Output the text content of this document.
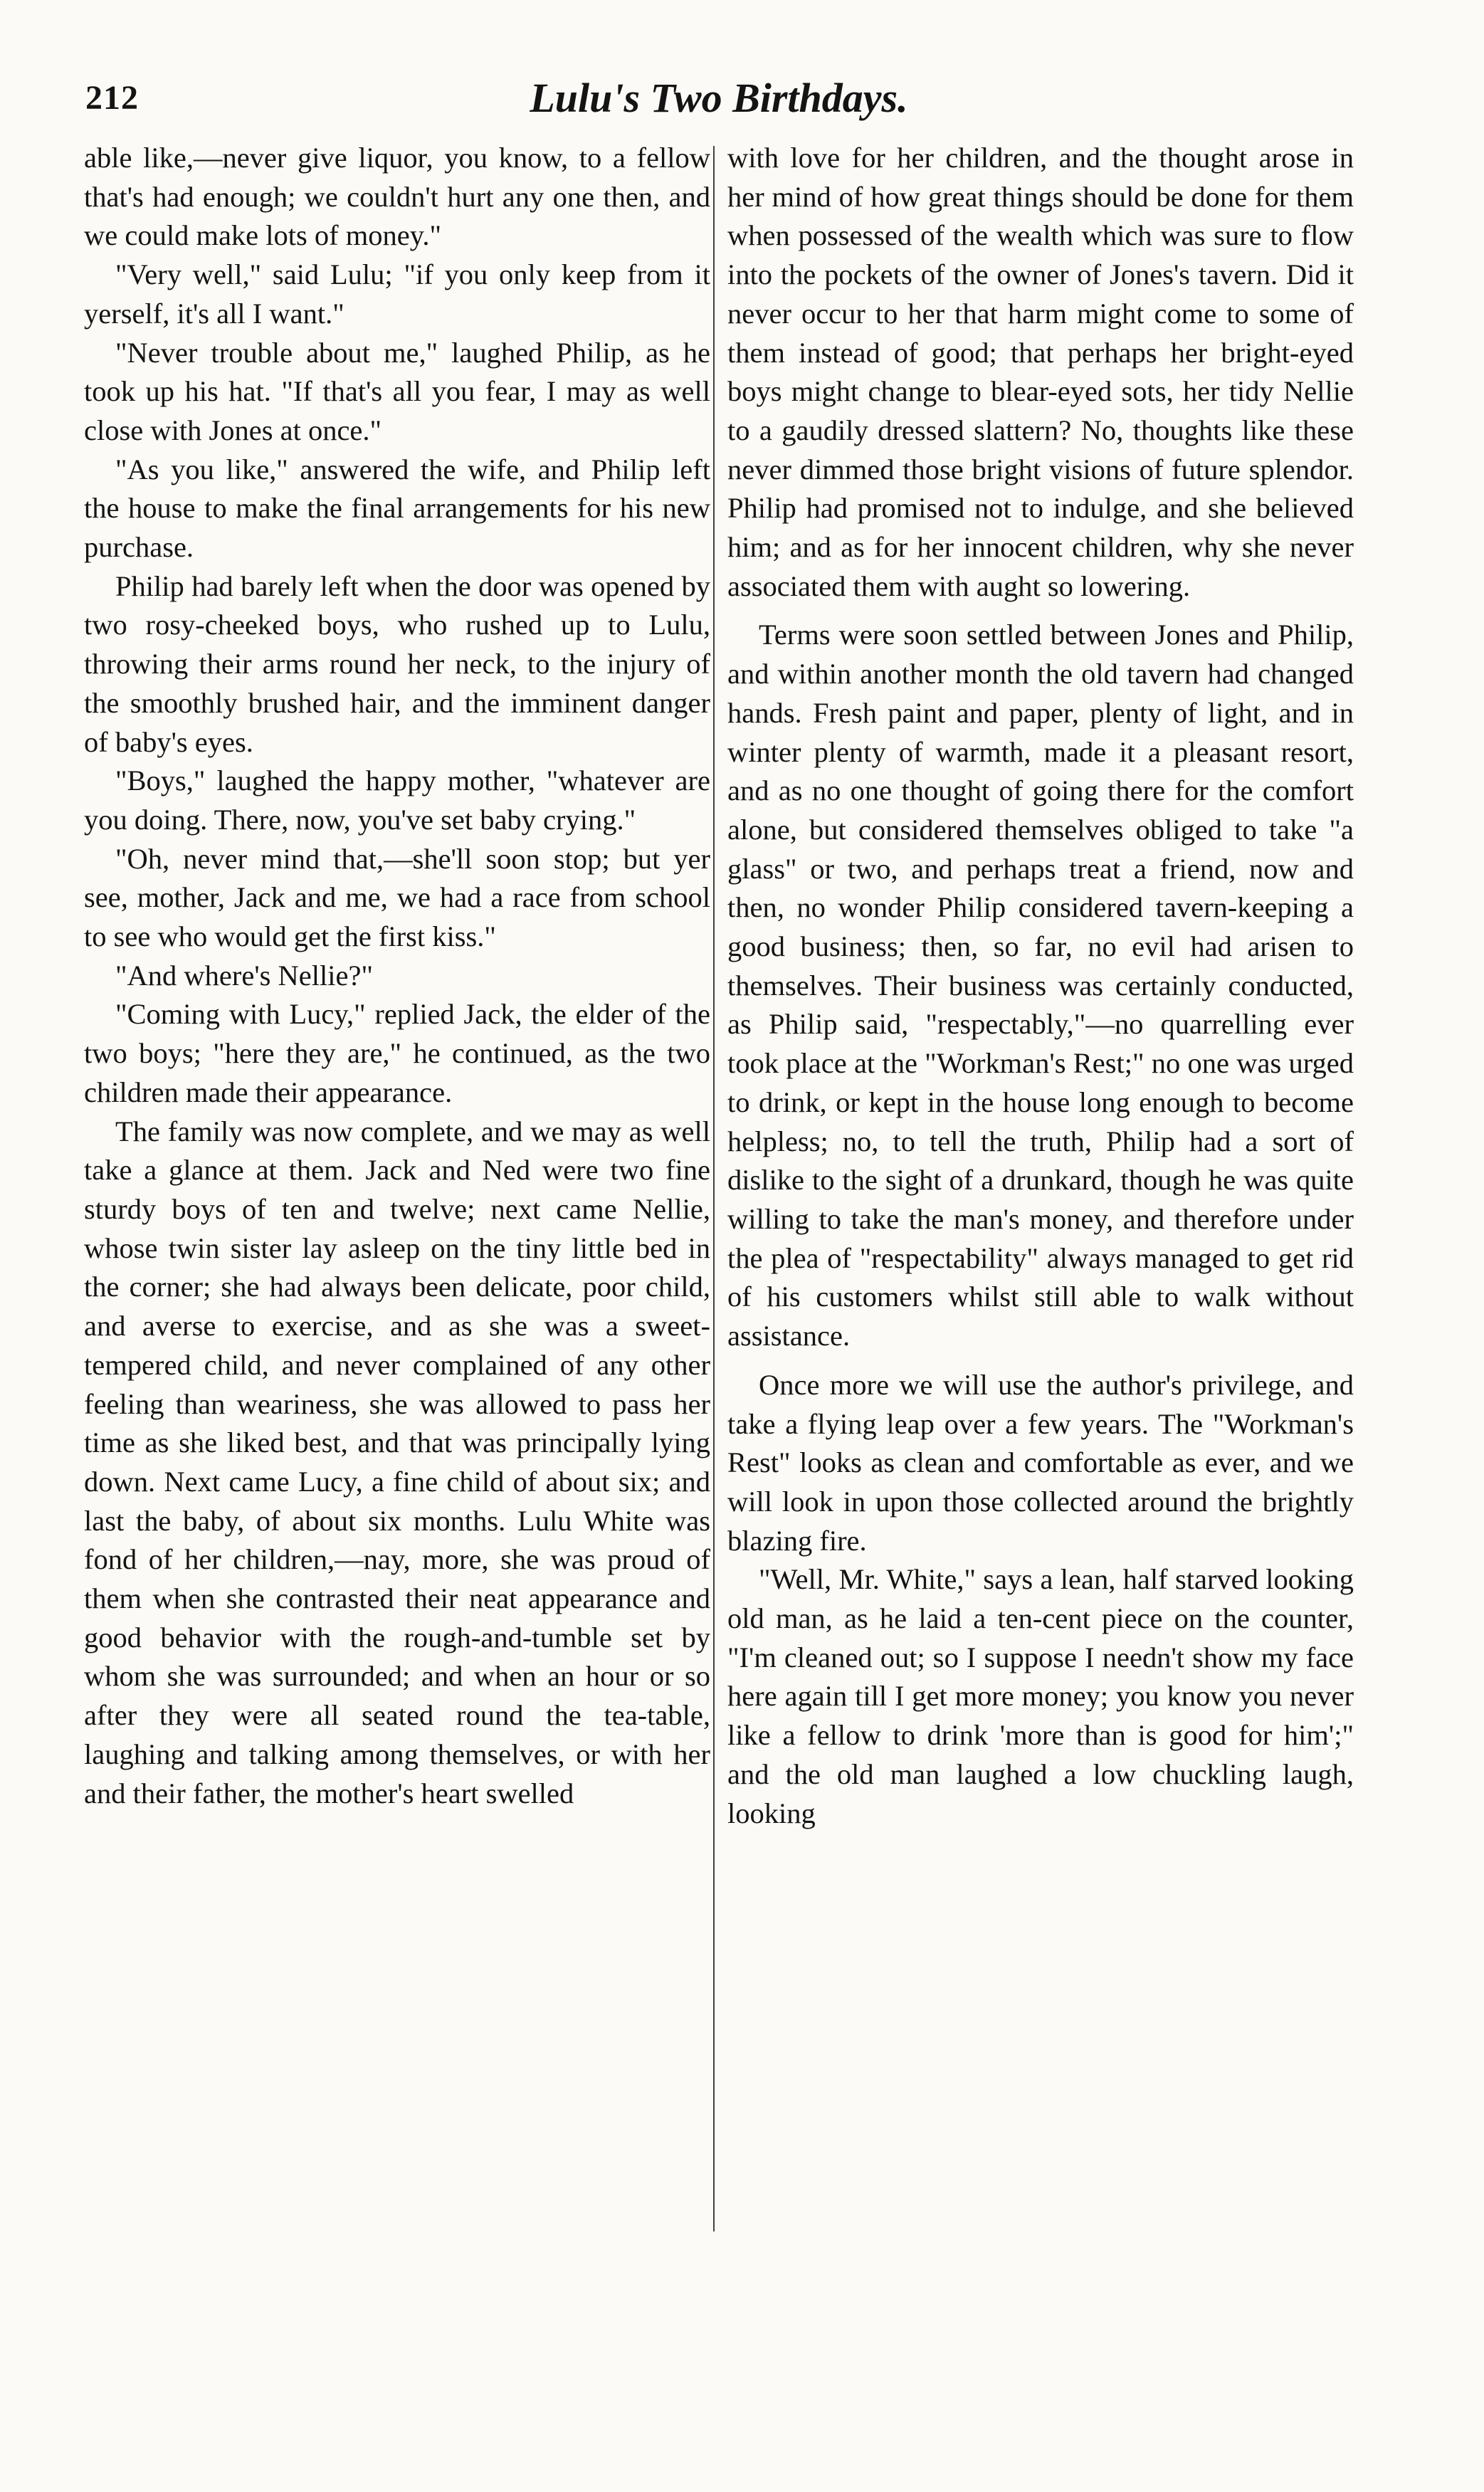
212	Lulu's Two Birthdays.

able like,—never give liquor, you know, to a fellow that's had enough; we couldn't hurt any one then, and we could make lots of money."

"Very well," said Lulu; "if you only keep from it yerself, it's all I want."

"Never trouble about me," laughed Philip, as he took up his hat. "If that's all you fear, I may as well close with Jones at once."

"As you like," answered the wife, and Philip left the house to make the final arrangements for his new purchase.

Philip had barely left when the door was opened by two rosy-cheeked boys, who rushed up to Lulu, throwing their arms round her neck, to the injury of the smoothly brushed hair, and the imminent danger of baby's eyes.

"Boys," laughed the happy mother, "whatever are you doing. There, now, you've set baby crying."

"Oh, never mind that,—she'll soon stop; but yer see, mother, Jack and me, we had a race from school to see who would get the first kiss."

"And where's Nellie?"

"Coming with Lucy," replied Jack, the elder of the two boys; "here they are," he continued, as the two children made their appearance.

The family was now complete, and we may as well take a glance at them. Jack and Ned were two fine sturdy boys of ten and twelve; next came Nellie, whose twin sister lay asleep on the tiny little bed in the corner; she had always been delicate, poor child, and averse to exercise, and as she was a sweet-tempered child, and never complained of any other feeling than weariness, she was allowed to pass her time as she liked best, and that was principally lying down. Next came Lucy, a fine child of about six; and last the baby, of about six months. Lulu White was fond of her children,—nay, more, she was proud of them when she contrasted their neat appearance and good behavior with the rough-and-tumble set by whom she was surrounded; and when an hour or so after they were all seated round the tea-table, laughing and talking among themselves, or with her and their father, the mother's heart swelled

with love for her children, and the thought arose in her mind of how great things should be done for them when possessed of the wealth which was sure to flow into the pockets of the owner of Jones's tavern. Did it never occur to her that harm might come to some of them instead of good; that perhaps her bright-eyed boys might change to blear-eyed sots, her tidy Nellie to a gaudily dressed slattern? No, thoughts like these never dimmed those bright visions of future splendor. Philip had promised not to indulge, and she believed him; and as for her innocent children, why she never associated them with aught so lowering.

Terms were soon settled between Jones and Philip, and within another month the old tavern had changed hands. Fresh paint and paper, plenty of light, and in winter plenty of warmth, made it a pleasant resort, and as no one thought of going there for the comfort alone, but considered themselves obliged to take "a glass" or two, and perhaps treat a friend, now and then, no wonder Philip considered tavern-keeping a good business; then, so far, no evil had arisen to themselves. Their business was certainly conducted, as Philip said, "respectably,"—no quarrelling ever took place at the "Workman's Rest;" no one was urged to drink, or kept in the house long enough to become helpless; no, to tell the truth, Philip had a sort of dislike to the sight of a drunkard, though he was quite willing to take the man's money, and therefore under the plea of "respectability" always managed to get rid of his customers whilst still able to walk without assistance.

Once more we will use the author's privilege, and take a flying leap over a few years. The "Workman's Rest" looks as clean and comfortable as ever, and we will look in upon those collected around the brightly blazing fire.

"Well, Mr. White," says a lean, half starved looking old man, as he laid a ten-cent piece on the counter, "I'm cleaned out; so I suppose I needn't show my face here again till I get more money; you know you never like a fellow to drink 'more than is good for him';" and the old man laughed a low chuckling laugh, looking
